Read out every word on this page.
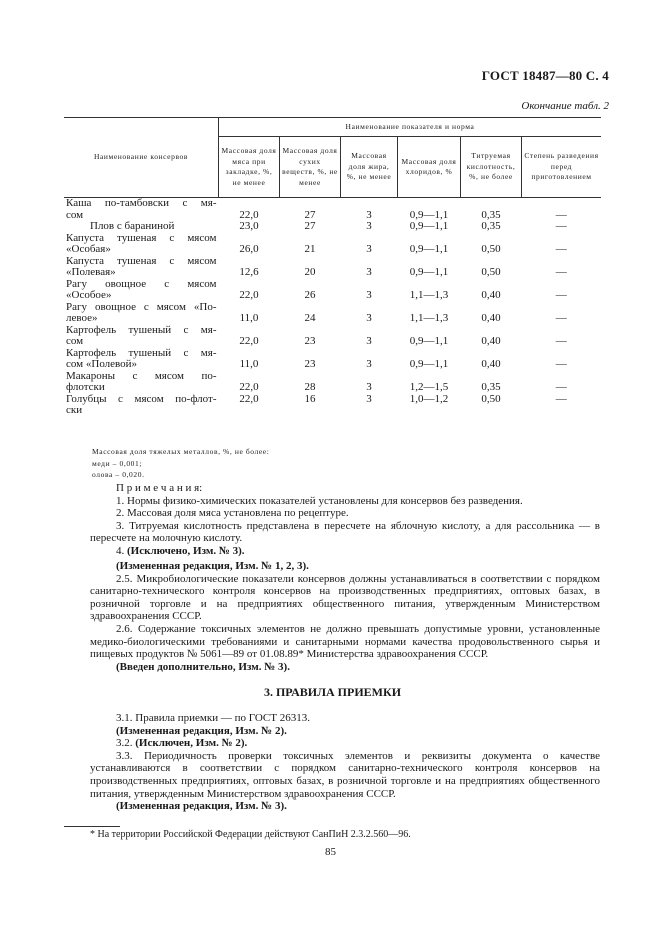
ГОСТ 18487—80 С. 4
Окончание табл. 2
Наименование консервов	Наименование показателя и норма					
	Массовая доля мяса при закладке, %, не менее	Массовая доля сухих веществ, %, не менее	Массовая доля жира, %, не менее	Массовая доля хлоридов, %	Титруемая кислотность, %, не более	Степень разведения перед приготовлением

Каша по-тамбовски с мя-
сом	22,0	27	3	0,9—1,1	0,35	—

Плов с бараниной	23,0	27	3	0,9—1,1	0,35	—

Капуста тушеная с мясом
«Особая»	26,0	21	3	0,9—1,1	0,50	—

Капуста тушеная с мясом
«Полевая»	12,6	20	3	0,9—1,1	0,50	—

Рагу овощное с мясом
«Особое»	22,0	26	3	1,1—1,3	0,40	—

Рагу овощное с мясом «По-
левое»	11,0	24	3	1,1—1,3	0,40	—

Картофель тушеный с мя-
сом	22,0	23	3	0,9—1,1	0,40	—

Картофель тушеный с мя-
сом «Полевой»	11,0	23	3	0,9—1,1	0,40	—

Макароны с мясом по-
флотски	22,0	28	3	1,2—1,5	0,35	—

Голубцы с мясом по-флот-
ски	22,0	16	3	1,0—1,2	0,50	—
Массовая доля тяжелых металлов, %, не более:
меди – 0,001;
олова – 0,020.

П р и м е ч а н и я:

1. Нормы физико-химических показателей установлены для консервов без разведения.

2. Массовая доля мяса установлена по рецептуре.

3. Титруемая кислотность представлена в пересчете на яблочную кислоту, а для рассольника — в пересчете на молочную кислоту.

4. (Исключено, Изм. № 3).

(Измененная редакция, Изм. № 1, 2, 3).

2.5. Микробиологические показатели консервов должны устанавливаться в соответствии с порядком санитарно-технического контроля консервов на производственных предприятиях, оптовых базах, в розничной торговле и на предприятиях общественного питания, утвержденным Министерством здравоохранения СССР.

2.6. Содержание токсичных элементов не должно превышать допустимые уровни, установленные медико-биологическими требованиями и санитарными нормами качества продовольственного сырья и пищевых продуктов № 5061—89 от 01.08.89* Министерства здравоохранения СССР.

(Введен дополнительно, Изм. № 3).

3. ПРАВИЛА ПРИЕМКИ

3.1. Правила приемки — по ГОСТ 26313.

(Измененная редакция, Изм. № 2).

3.2. (Исключен, Изм. № 2).

3.3. Периодичность проверки токсичных элементов и реквизиты документа о качестве устанавливаются в соответствии с порядком санитарно-технического контроля консервов на производственных предприятиях, оптовых базах, в розничной торговле и на предприятиях общественного питания, утвержденным Министерством здравоохранения СССР.

(Измененная редакция, Изм. № 3).

* На территории Российской Федерации действуют СанПиН 2.3.2.560—96.
85
